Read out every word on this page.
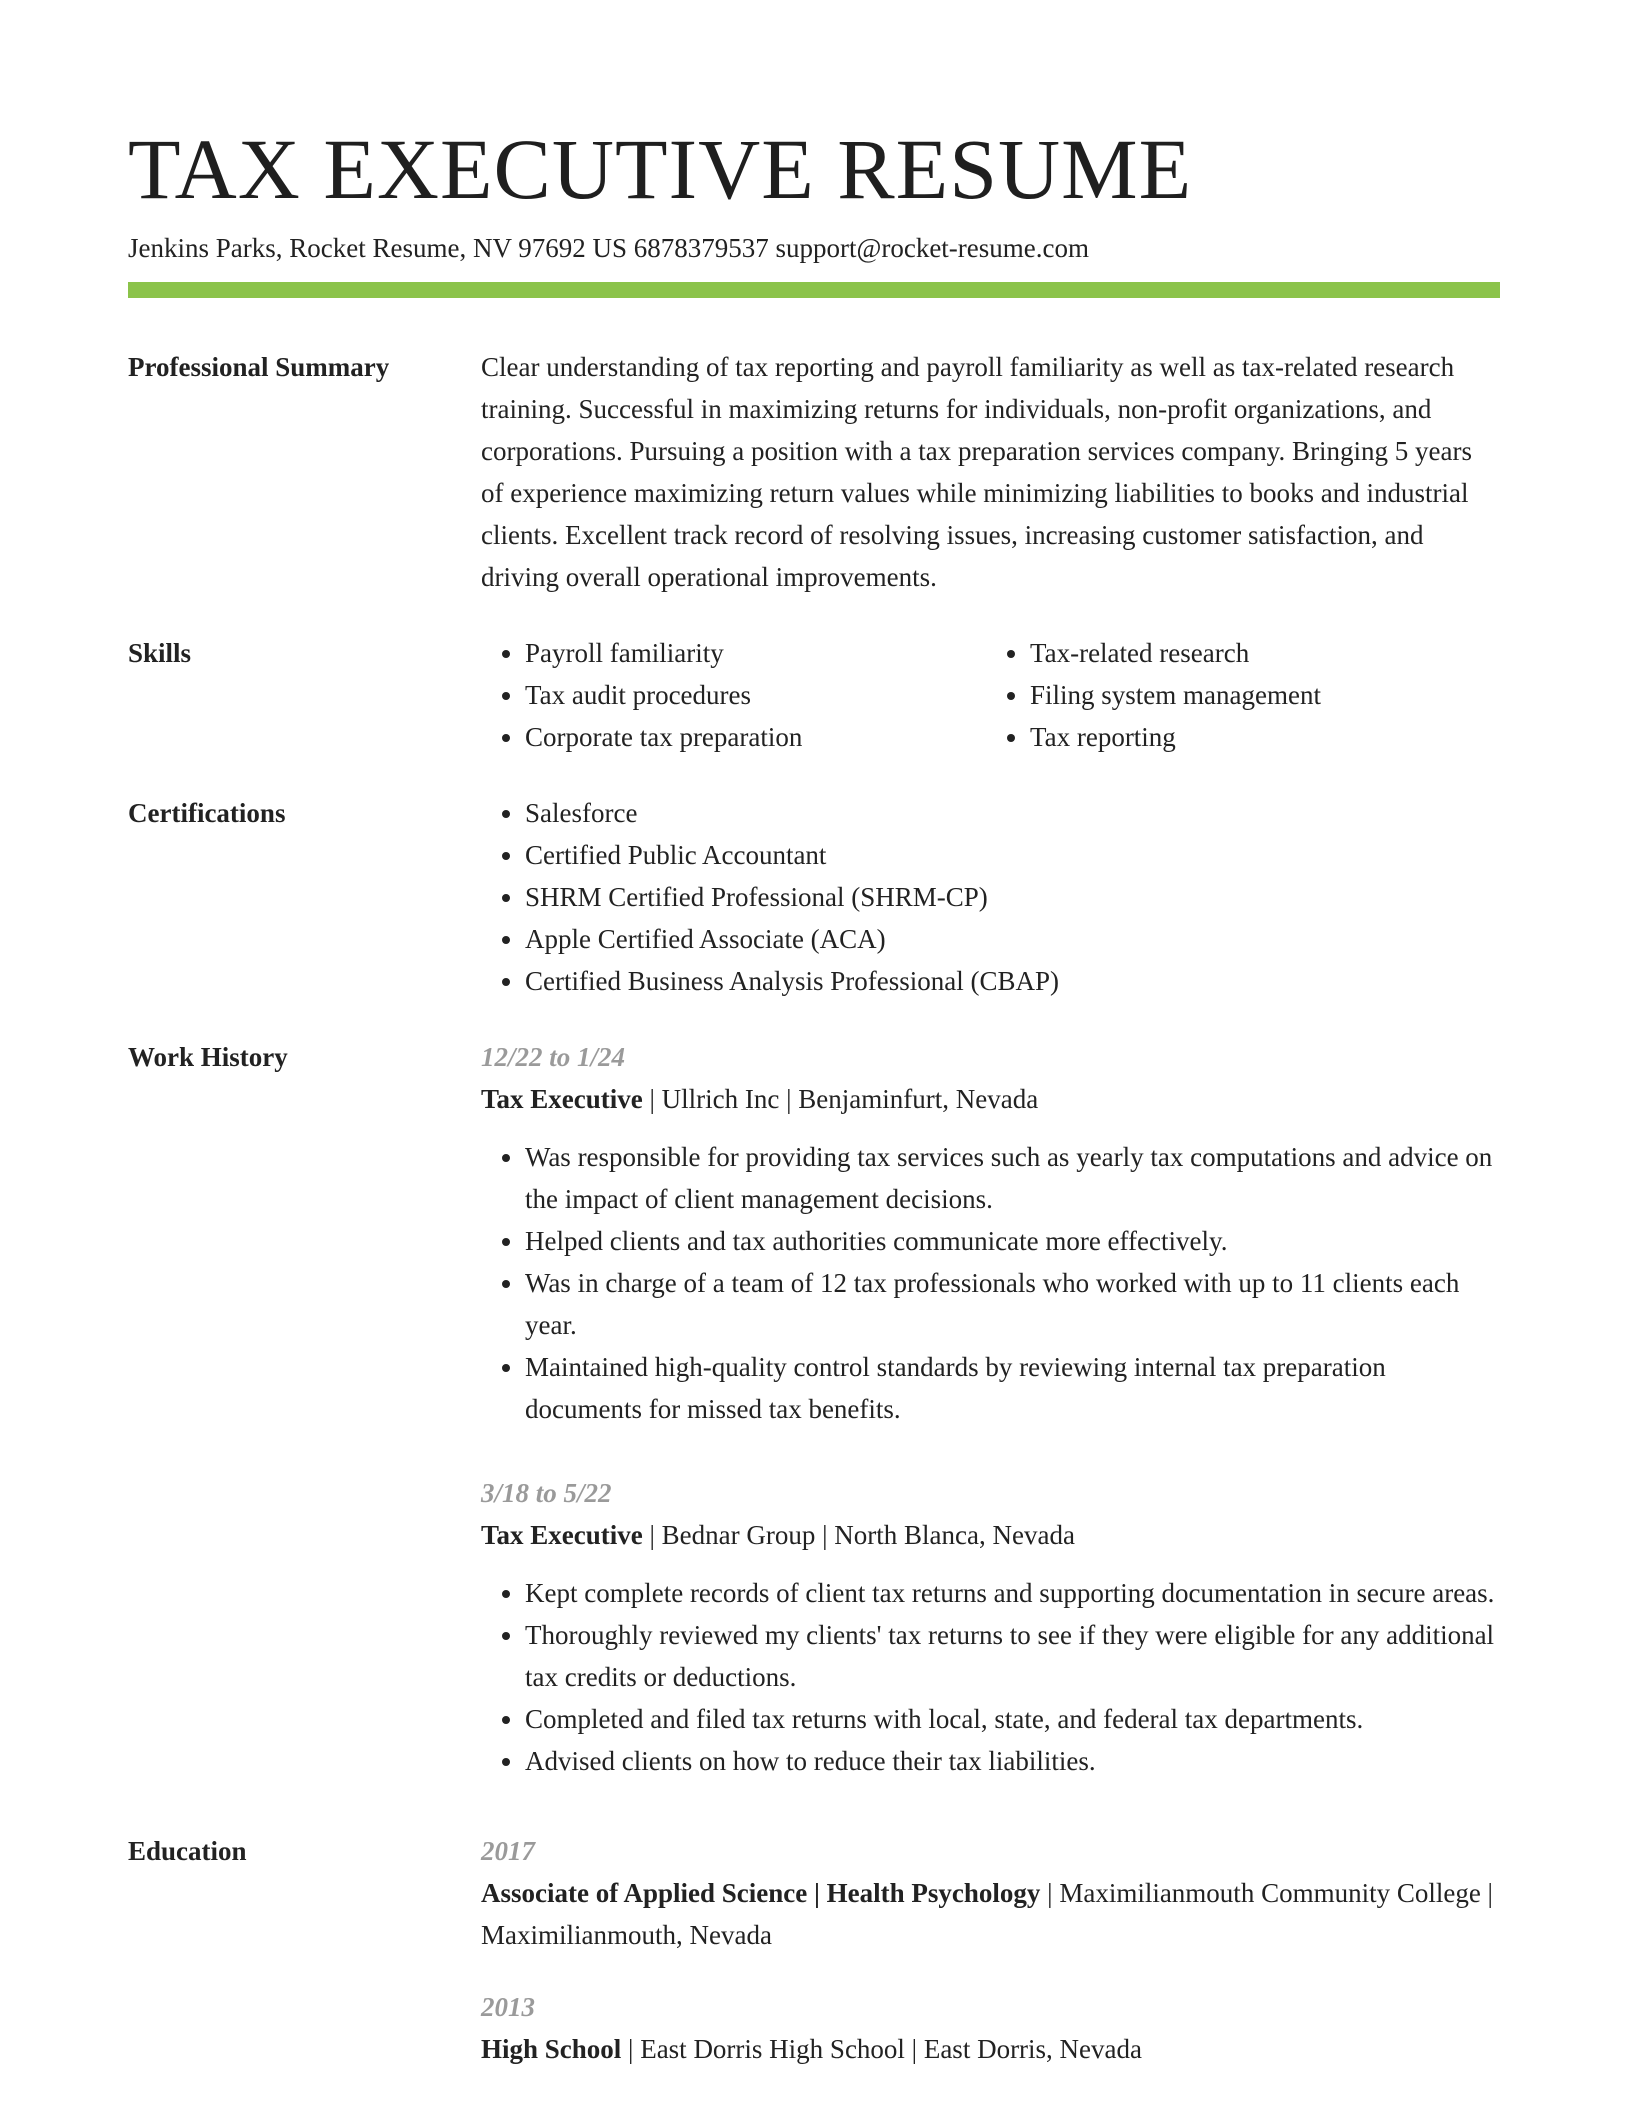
TAX EXECUTIVE RESUME
Jenkins Parks, Rocket Resume, NV 97692 US 6878379537 support@rocket-resume.com
Professional Summary	Clear understanding of tax reporting and payroll familiarity as well as tax-related research training. Successful in maximizing returns for individuals, non-profit organizations, and corporations. Pursuing a position with a tax preparation services company. Bringing 5 years of experience maximizing return values while minimizing liabilities to books and industrial clients. Excellent track record of resolving issues, increasing customer satisfaction, and driving overall operational improvements.

Skills	• Payroll familiarity
• Tax audit procedures
• Corporate tax preparation
• Tax-related research
• Filing system management
• Tax reporting
Certifications	• Salesforce
• Certified Public Accountant
• SHRM Certified Professional (SHRM-CP)
• Apple Certified Associate (ACA)
• Certified Business Analysis Professional (CBAP)
Work History	12/22 to 1/24
Tax Executive | Ullrich Inc | Benjaminfurt, Nevada
• Was responsible for providing tax services such as yearly tax computations and advice on the impact of client management decisions.
• Helped clients and tax authorities communicate more effectively.
• Was in charge of a team of 12 tax professionals who worked with up to 11 clients each year.
• Maintained high-quality control standards by reviewing internal tax preparation documents for missed tax benefits.
3/18 to 5/22
Tax Executive | Bednar Group | North Blanca, Nevada
• Kept complete records of client tax returns and supporting documentation in secure areas.
• Thoroughly reviewed my clients' tax returns to see if they were eligible for any additional tax credits or deductions.
• Completed and filed tax returns with local, state, and federal tax departments.
• Advised clients on how to reduce their tax liabilities.
Education	2017
Associate of Applied Science | Health Psychology | Maximilianmouth Community College | Maximilianmouth, Nevada
2013
High School | East Dorris High School | East Dorris, Nevada
